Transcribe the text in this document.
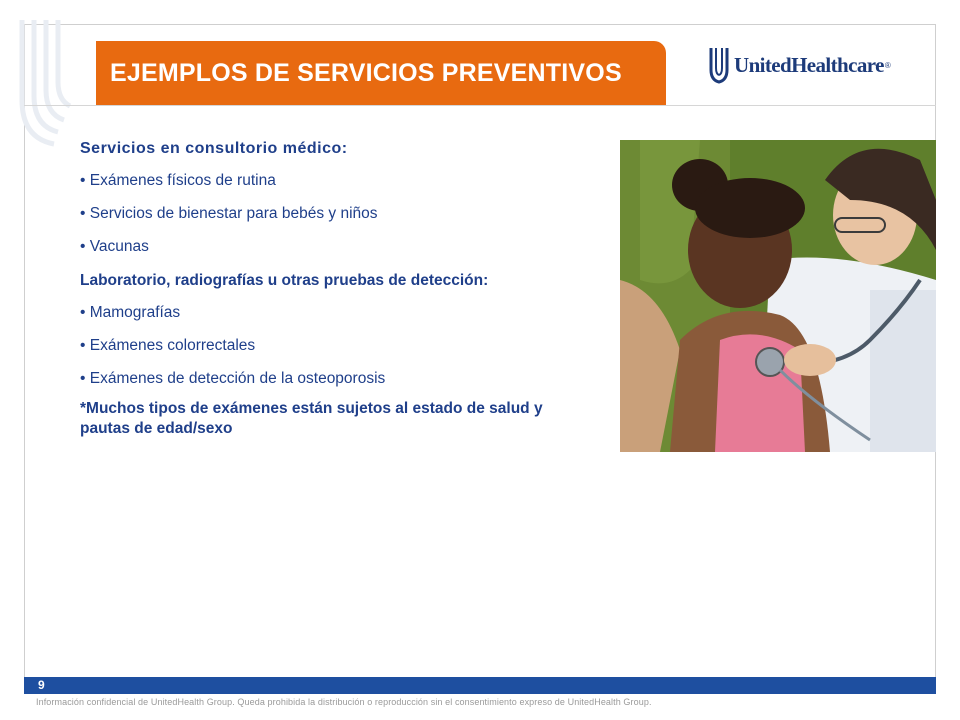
EJEMPLOS DE SERVICIOS PREVENTIVOS	UnitedHealthcare ®
Servicios en consultorio médico:
• Exámenes físicos de rutina
• Servicios de bienestar para bebés y niños
• Vacunas
Laboratorio, radiografías u otras pruebas de detección:
• Mamografías
• Exámenes colorrectales
• Exámenes de detección de la osteoporosis
*Muchos tipos de exámenes están sujetos al estado de salud y pautas de edad/sexo
9
Información confidencial de UnitedHealth Group. Queda prohibida la distribución o reproducción sin el consentimiento expreso de UnitedHealth Group.
